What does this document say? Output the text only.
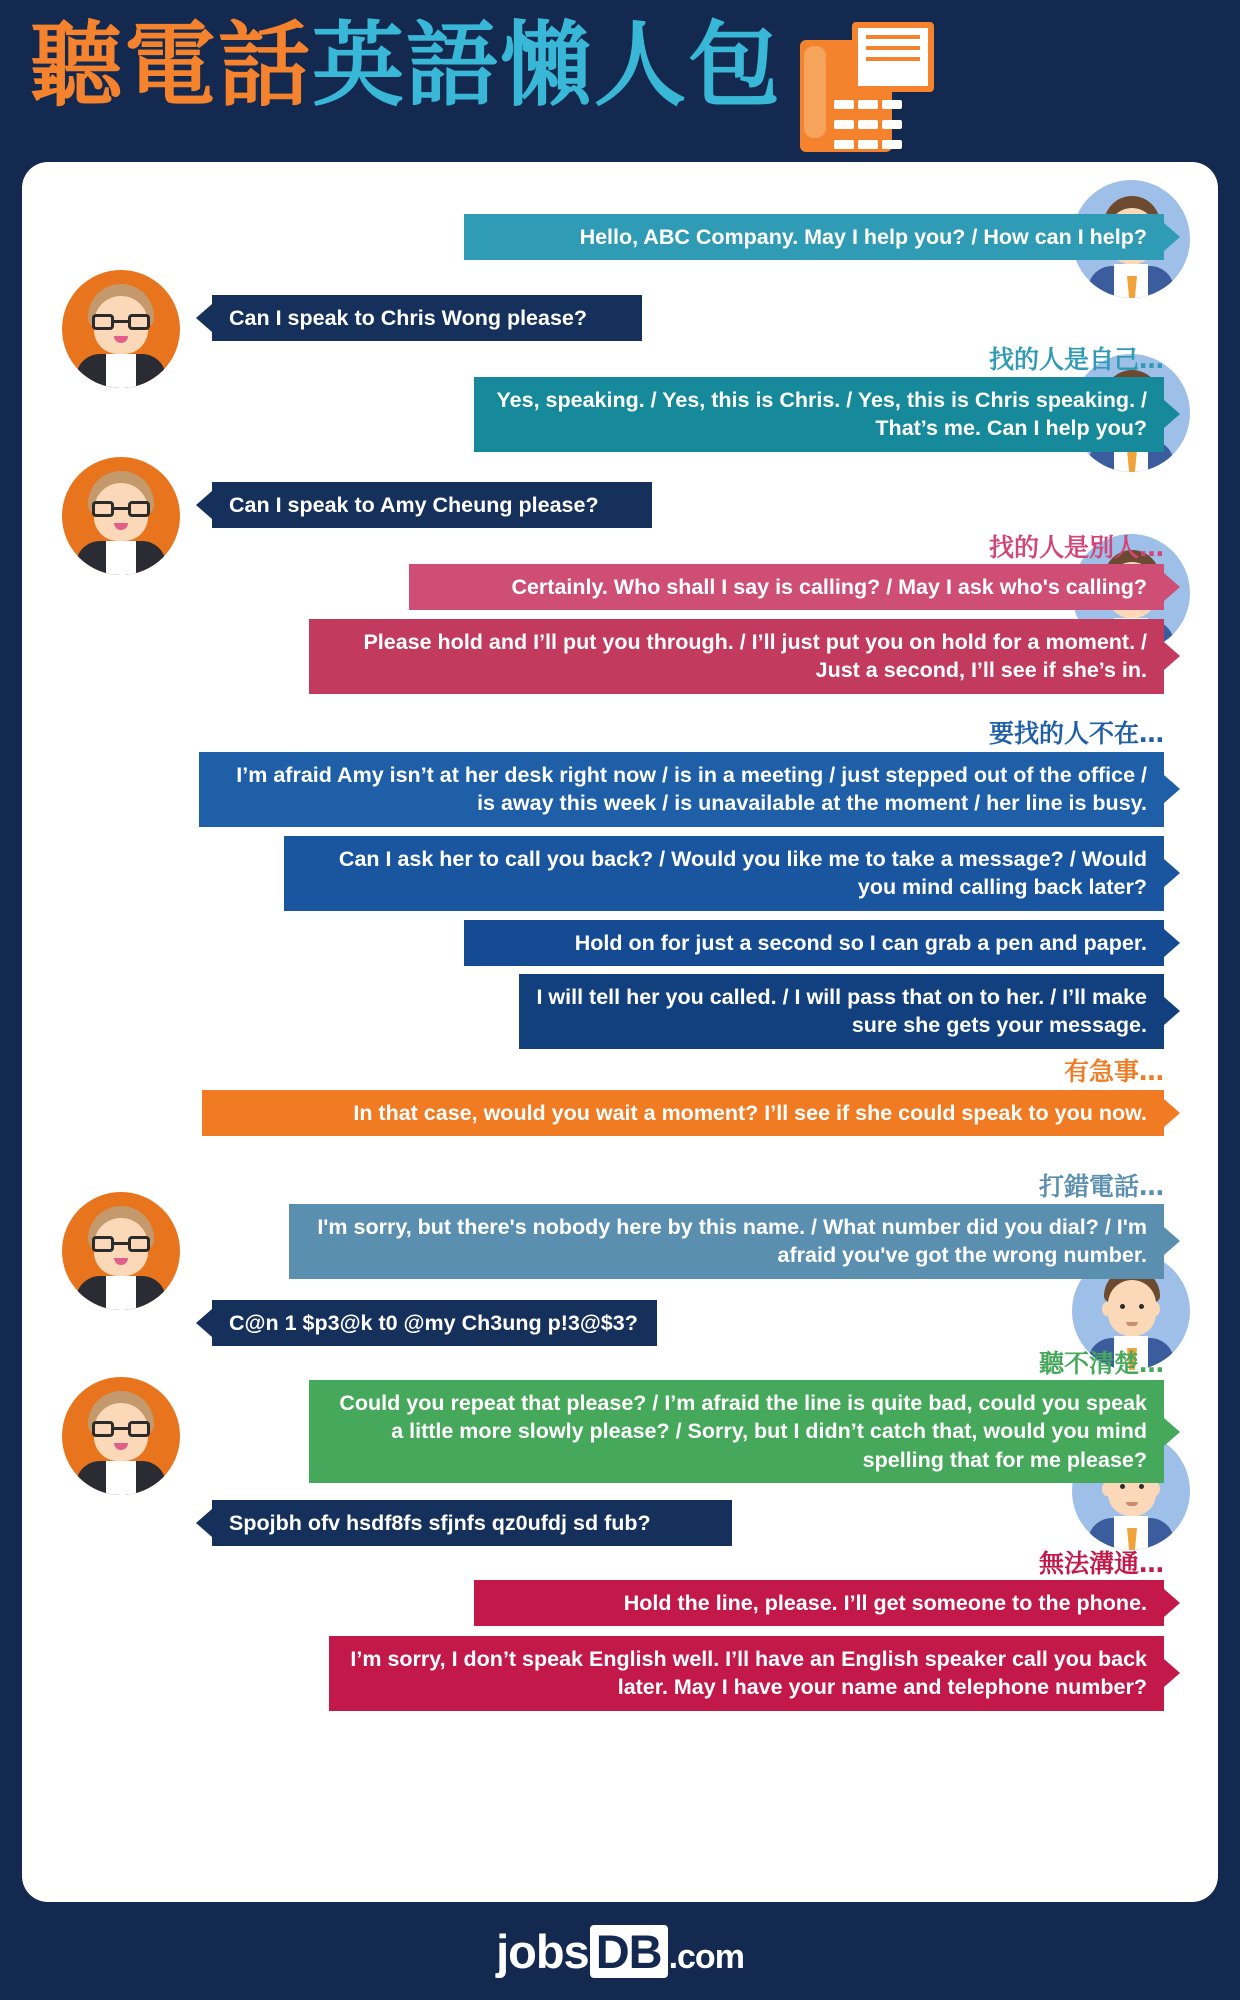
聽電話英語懶人包

Hello, ABC Company. May I help you? / How can I help?
Can I speak to Chris Wong please?
找的人是自己…
Yes, speaking. / Yes, this is Chris. / Yes, this is Chris speaking. / That’s me. Can I help you?
Can I speak to Amy Cheung please?
找的人是別人…
Certainly. Who shall I say is calling? / May I ask who's calling?
Please hold and I’ll put you through. / I’ll just put you on hold for a moment. / Just a second, I’ll see if she’s in.
要找的人不在…
I’m afraid Amy isn’t at her desk right now / is in a meeting / just stepped out of the office / is away this week / is unavailable at the moment / her line is busy.
Can I ask her to call you back? / Would you like me to take a message? / Would you mind calling back later?
Hold on for just a second so I can grab a pen and paper.
I will tell her you called. / I will pass that on to her. / I’ll make sure she gets your message.
有急事…
In that case, would you wait a moment? I’ll see if she could speak to you now.
打錯電話…
I'm sorry, but there's nobody here by this name. / What number did you dial? / I'm afraid you've got the wrong number.
C@n 1 $p3@k t0 @my Ch3ung p!3@$3?
聽不清楚…
Could you repeat that please? / I’m afraid the line is quite bad, could you speak a little more slowly please? / Sorry, but I didn’t catch that, would you mind spelling that for me please?
Spojbh ofv hsdf8fs sfjnfs qz0ufdj sd fub?
無法溝通…
Hold the line, please. I’ll get someone to the phone.
I’m sorry, I don’t speak English well. I’ll have an English speaker call you back later. May I have your name and telephone number?
jobs DB .com
